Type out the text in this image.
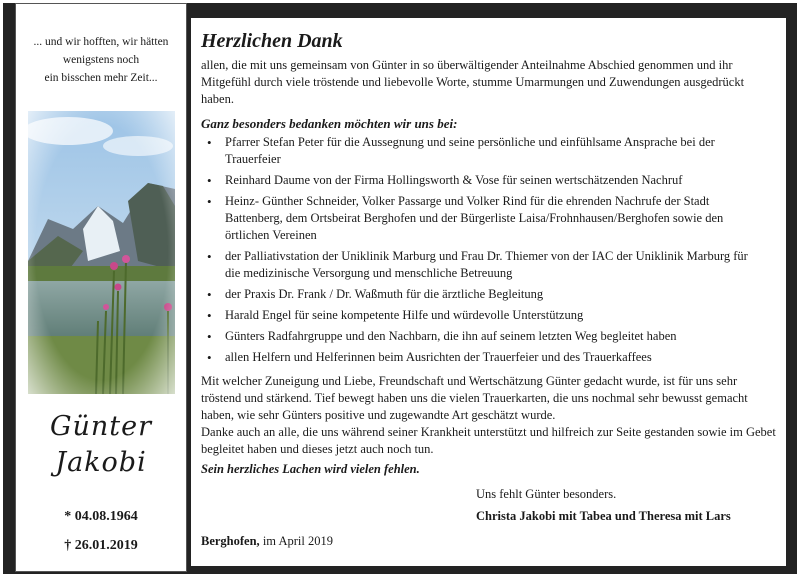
... und wir hofften, wir hätten
wenigstens noch
ein bisschen mehr Zeit...
Günter
Jakobi
* 04.08.1964
† 26.01.2019
Herzlichen Dank
allen, die mit uns gemeinsam von Günter in so überwältigender Anteilnahme Abschied genommen und ihr Mitgefühl durch viele tröstende und liebevolle Worte, stumme Umarmungen und Zuwendungen ausgedrückt haben.
Ganz besonders bedanken möchten wir uns bei:
• Pfarrer Stefan Peter für die Aussegnung und seine persönliche und einfühlsame Ansprache bei der Trauerfeier
• Reinhard Daume von der Firma Hollingsworth & Vose für seinen wertschätzenden Nachruf
• Heinz- Günther Schneider, Volker Passarge und Volker Rind für die ehrenden Nachrufe der Stadt Battenberg, dem Ortsbeirat Berghofen und der Bürgerliste Laisa/Frohnhausen/Berghofen sowie den örtlichen Vereinen
• der Palliativstation der Uniklinik Marburg und Frau Dr. Thiemer von der IAC der Uniklinik Marburg für die medizinische Versorgung und menschliche Betreuung
• der Praxis Dr. Frank / Dr. Waßmuth für die ärztliche Begleitung
• Harald Engel für seine kompetente Hilfe und würdevolle Unterstützung
• Günters Radfahrgruppe und den Nachbarn, die ihn auf seinem letzten Weg begleitet haben
• allen Helfern und Helferinnen beim Ausrichten der Trauerfeier und des Trauerkaffees
Mit welcher Zuneigung und Liebe, Freundschaft und Wertschätzung Günter gedacht wurde, ist für uns sehr tröstend und stärkend. Tief bewegt haben uns die vielen Trauerkarten, die uns nochmal sehr bewusst gemacht haben, wie sehr Günters positive und zugewandte Art geschätzt wurde.
Danke auch an alle, die uns während seiner Krankheit unterstützt und hilfreich zur Seite gestanden sowie im Gebet begleitet haben und dieses jetzt auch noch tun.
Sein herzliches Lachen wird vielen fehlen.
Uns fehlt Günter besonders.
Christa Jakobi mit Tabea und Theresa mit Lars
Berghofen, im April 2019
